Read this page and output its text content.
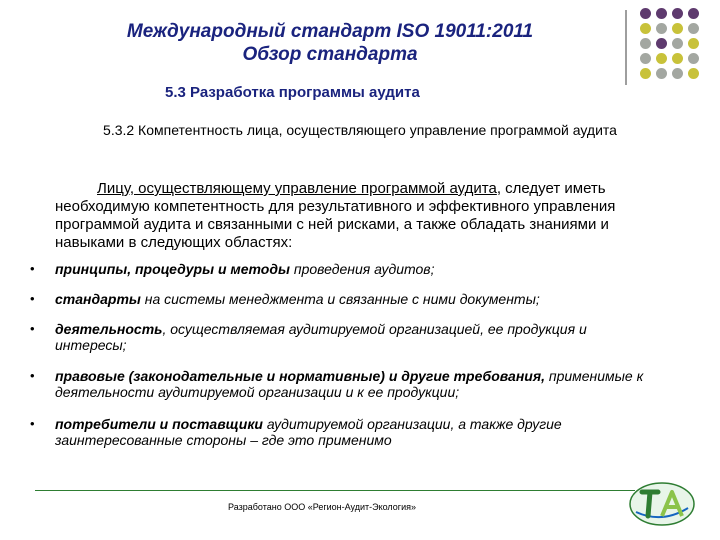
Международный стандарт ISO 19011:2011
Обзор стандарта
5.3 Разработка программы аудита
5.3.2 Компетентность лица, осуществляющего управление программой аудита
Лицу, осуществляющему управление программой аудита, следует иметь необходимую компетентность для результативного и эффективного управления программой аудита и связанными с ней рисками, а также обладать знаниями и навыками в следующих областях:
• принципы, процедуры и методы проведения аудитов;
• стандарты на системы менеджмента и связанные с ними документы;
• деятельность, осуществляемая аудитируемой организацией, ее продукция и интересы;
• правовые (законодательные и нормативные) и другие требования, применимые к деятельности аудитируемой организации и к ее продукции;
• потребители и поставщики аудитируемой организации, а также другие заинтересованные стороны – где это применимо
Разработано ООО «Регион-Аудит-Экология»
